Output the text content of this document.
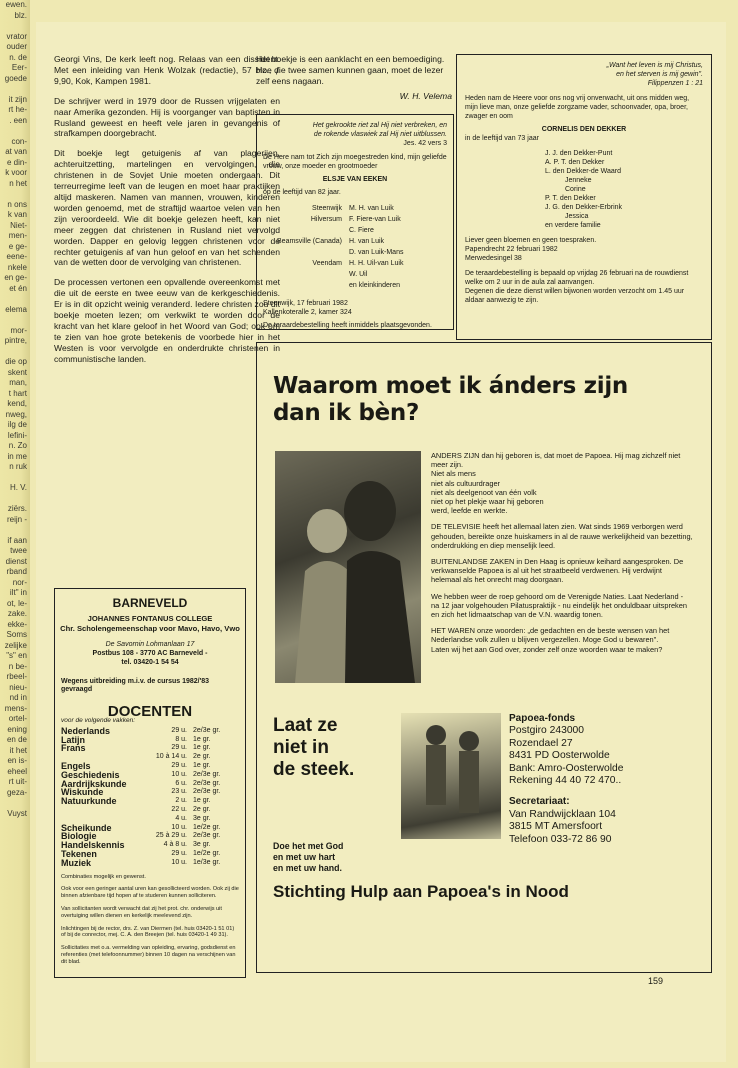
ewen.
blz.

vrator
ouder
n. de
Eer-
goede

it zijn
rt he-
. een

con-
at van
e din-
k voor
n het

n ons
k van
Niet-
men-
e ge-
eene-
nkele
en ge-
et én

elema

mor-
pintre,

die op
skent
man,
t hart
kend,
nweg,
ilg de
lefini-
n. Zo
in me
n ruk

H. V.

ziërs.
reijn -

if aan
twee
dienst
rband
nor-
ilt" in
ot, le-
zake.
ekke-
Soms
zelijke
"s" en
n be-
rbeel-
nieu-
nd in
mens-
ortel-
ening
en de
it het
en is-
eheel
rt uit-
geza-

Vuyst

Georgi Vins, De kerk leeft nog. Relaas van een dissident. Met een inleiding van Henk Wolzak (redactie), 57 blz., ƒ 9,90, Kok, Kampen 1981.

De schrijver werd in 1979 door de Russen vrijgelaten en naar Amerika gezonden. Hij is voorganger van baptisten in Rusland geweest en heeft vele jaren in gevangenis of strafkampen doorgebracht.

Dit boekje legt getuigenis af van plagerijen, achteruitzetting, martelingen en vervolgingen, die christenen in de Sovjet Unie moeten ondergaan. Dit terreurregime leeft van de leugen en moet haar praktijken altijd maskeren. Namen van mannen, vrouwen, kinderen worden genoemd, met de straftijd waartoe velen van hen zijn veroordeeld. Wie dit boekje gelezen heeft, kan niet meer zeggen dat christenen in Rusland niet vervolgd worden. Dapper en gelovig leggen christenen voor de rechter getuigenis af van hun geloof en van het schenden van de wetten door de vervolging van christenen.

De processen vertonen een opvallende overeenkomst met die uit de eerste en twee eeuw van de kerkgeschiedenis. Er is in dit opzicht weinig veranderd. Iedere christen zou dit boekje moeten lezen; om verkwikt te worden door de kracht van het klare geloof in het Woord van God; ook om te zien van hoe grote betekenis de voorbede hier in het Westen is voor vervolgde en onderdrukte christenen in communistische landen.

Het boekje is een aanklacht en een bemoediging. Hoe die twee samen kunnen gaan, moet de lezer zelf eens nagaan.
W. H. Velema
Het gekrookte riet zal Hij niet verbreken, en
de rokende vlaswiek zal Hij niet uitblussen.
Jes. 42 vers 3
De Here nam tot Zich zijn moegestreden kind, mijn geliefde vrouw, onze moeder en grootmoeder
ELSJE VAN EEKEN
op de leeftijd van 82 jaar.
Steenwijk	M. H. van Luik
Hilversum	F. Fiere-van Luik
	C. Fiere
Beamsville (Canada)	H. van Luik
	D. van Luik-Mans
Veendam	H. H. Uil-van Luik
	W. Uil
	en kleinkinderen
Steenwijk, 17 februari 1982
Kallenkoteralle 2, kamer 324
De teraardebestelling heeft inmiddels plaatsgevonden.
„Want het leven is mij Christus,
en het sterven is mij gewin".
Filippenzen 1 : 21
Heden nam de Heere voor ons nog vrij onverwacht, uit ons midden weg, mijn lieve man, onze geliefde zorgzame vader, schoonvader, opa, broer, zwager en oom
CORNELIS DEN DEKKER
in de leeftijd van 73 jaar
J. J. den Dekker-Punt
A. P. T. den Dekker
L. den Dekker-de Waard
Jenneke
Corine
P. T. den Dekker
J. G. den Dekker-Erbrink
Jessica
en verdere familie
Liever geen bloemen en geen toespraken.
Papendrecht 22 februari 1982
Merwedesingel 38
De teraardebestelling is bepaald op vrijdag 26 februari na de rouwdienst welke om 2 uur in de aula zal aanvangen.
Degenen die deze dienst willen bijwonen worden verzocht om 1.45 uur aldaar aanwezig te zijn.
Waarom moet ik ánders zijn
dan ik bèn?

ANDERS ZIJN dan hij geboren is, dat moet de Papoea. Hij mag zichzelf niet meer zijn.
Niet als mens
niet als cultuurdrager
niet als deelgenoot van één volk
niet op het plekje waar hij geboren
werd, leefde en werkte.

DE TELEVISIE heeft het allemaal laten zien. Wat sinds 1969 verborgen werd gehouden, bereikte onze huiskamers in al de rauwe werkelijkheid van bezetting, onderdrukking en diep menselijk leed.

BUITENLANDSE ZAKEN in Den Haag is opnieuw keihard aangesproken. De verkwanselde Papoea is al uit het straatbeeld verdwenen. Hij verdwijnt helemaal als het onrecht mag doorgaan.

We hebben weer de roep gehoord om de Verenigde Naties. Laat Nederland - na 12 jaar volgehouden Pilatuspraktijk - nu eindelijk het onduldbaar uitspreken en zich het lidmaatschap van de V.N. waardig tonen.

HET WAREN onze woorden: „de gedachten en de beste wensen van het Nederlandse volk zullen u blijven vergezellen. Moge God u bewaren".

Laten wij het aan God over, zonder zelf onze woorden waar te maken?

Laat ze
niet in
de steek.
Papoea-fonds
Postgiro 243000
Rozendael 27
8431 PD Oosterwolde
Bank: Amro-Oosterwolde
Rekening 44 40 72 470..
Secretariaat:
Van Randwijcklaan 104
3815 MT Amersfoort
Telefoon 033-72 86 90
Doe het met God
en met uw hart
en met uw hand.
Stichting Hulp aan Papoea's in Nood
BARNEVELD
JOHANNES FONTANUS COLLEGE
Chr. Scholengemeenschap voor Mavo, Havo, Vwo
De Savornin Lohmanlaan 17
Postbus 108 - 3770 AC Barneveld -
tel. 03420-1 54 54
Wegens uitbreiding m.i.v. de cursus 1982/'83 gevraagd
DOCENTEN
voor de volgende vakken:
Nederlands	29 u.	2e/3e gr.
Latijn	8 u.	1e gr.
Frans	29 u.	1e gr.
	10 à 14 u.	2e gr.
Engels	29 u.	1e gr.
Geschiedenis	10 u.	2e/3e gr.
Aardrijkskunde	6 u.	2e/3e gr.
Wiskunde	23 u.	2e/3e gr.
Natuurkunde	2 u.	1e gr.
	22 u.	2e gr.
	4 u.	3e gr.
Scheikunde	10 u.	1e/2e gr.
Biologie	25 à 29 u.	2e/3e gr.
Handelskennis	4 à 8 u.	3e gr.
Tekenen	29 u.	1e/2e gr.
Muziek	10 u.	1e/3e gr.
Combinaties mogelijk en gewenst.
Ook voor een geringer aantal uren kan gesollicteerd worden. Ook zij die binnen afzienbare tijd hopen af te studeren kunnen solliciteren.
Van sollicitanten wordt verwacht dat zij het prot. chr. onderwijs uit overtuiging willen dienen en kerkelijk meelevend zijn.
Inlichtingen bij de rector, drs. Z. van Diermen (tel. huis 03420-1 51 01) of bij de conrector, mej. C. A. den Breejen (tel. huis 03420-1 49 31).
Sollicitaties met o.a. vermelding van opleiding, ervaring, godsdienst en referenties (met telefoonnummer) binnen 10 dagen na verschijnen van dit blad.
159
